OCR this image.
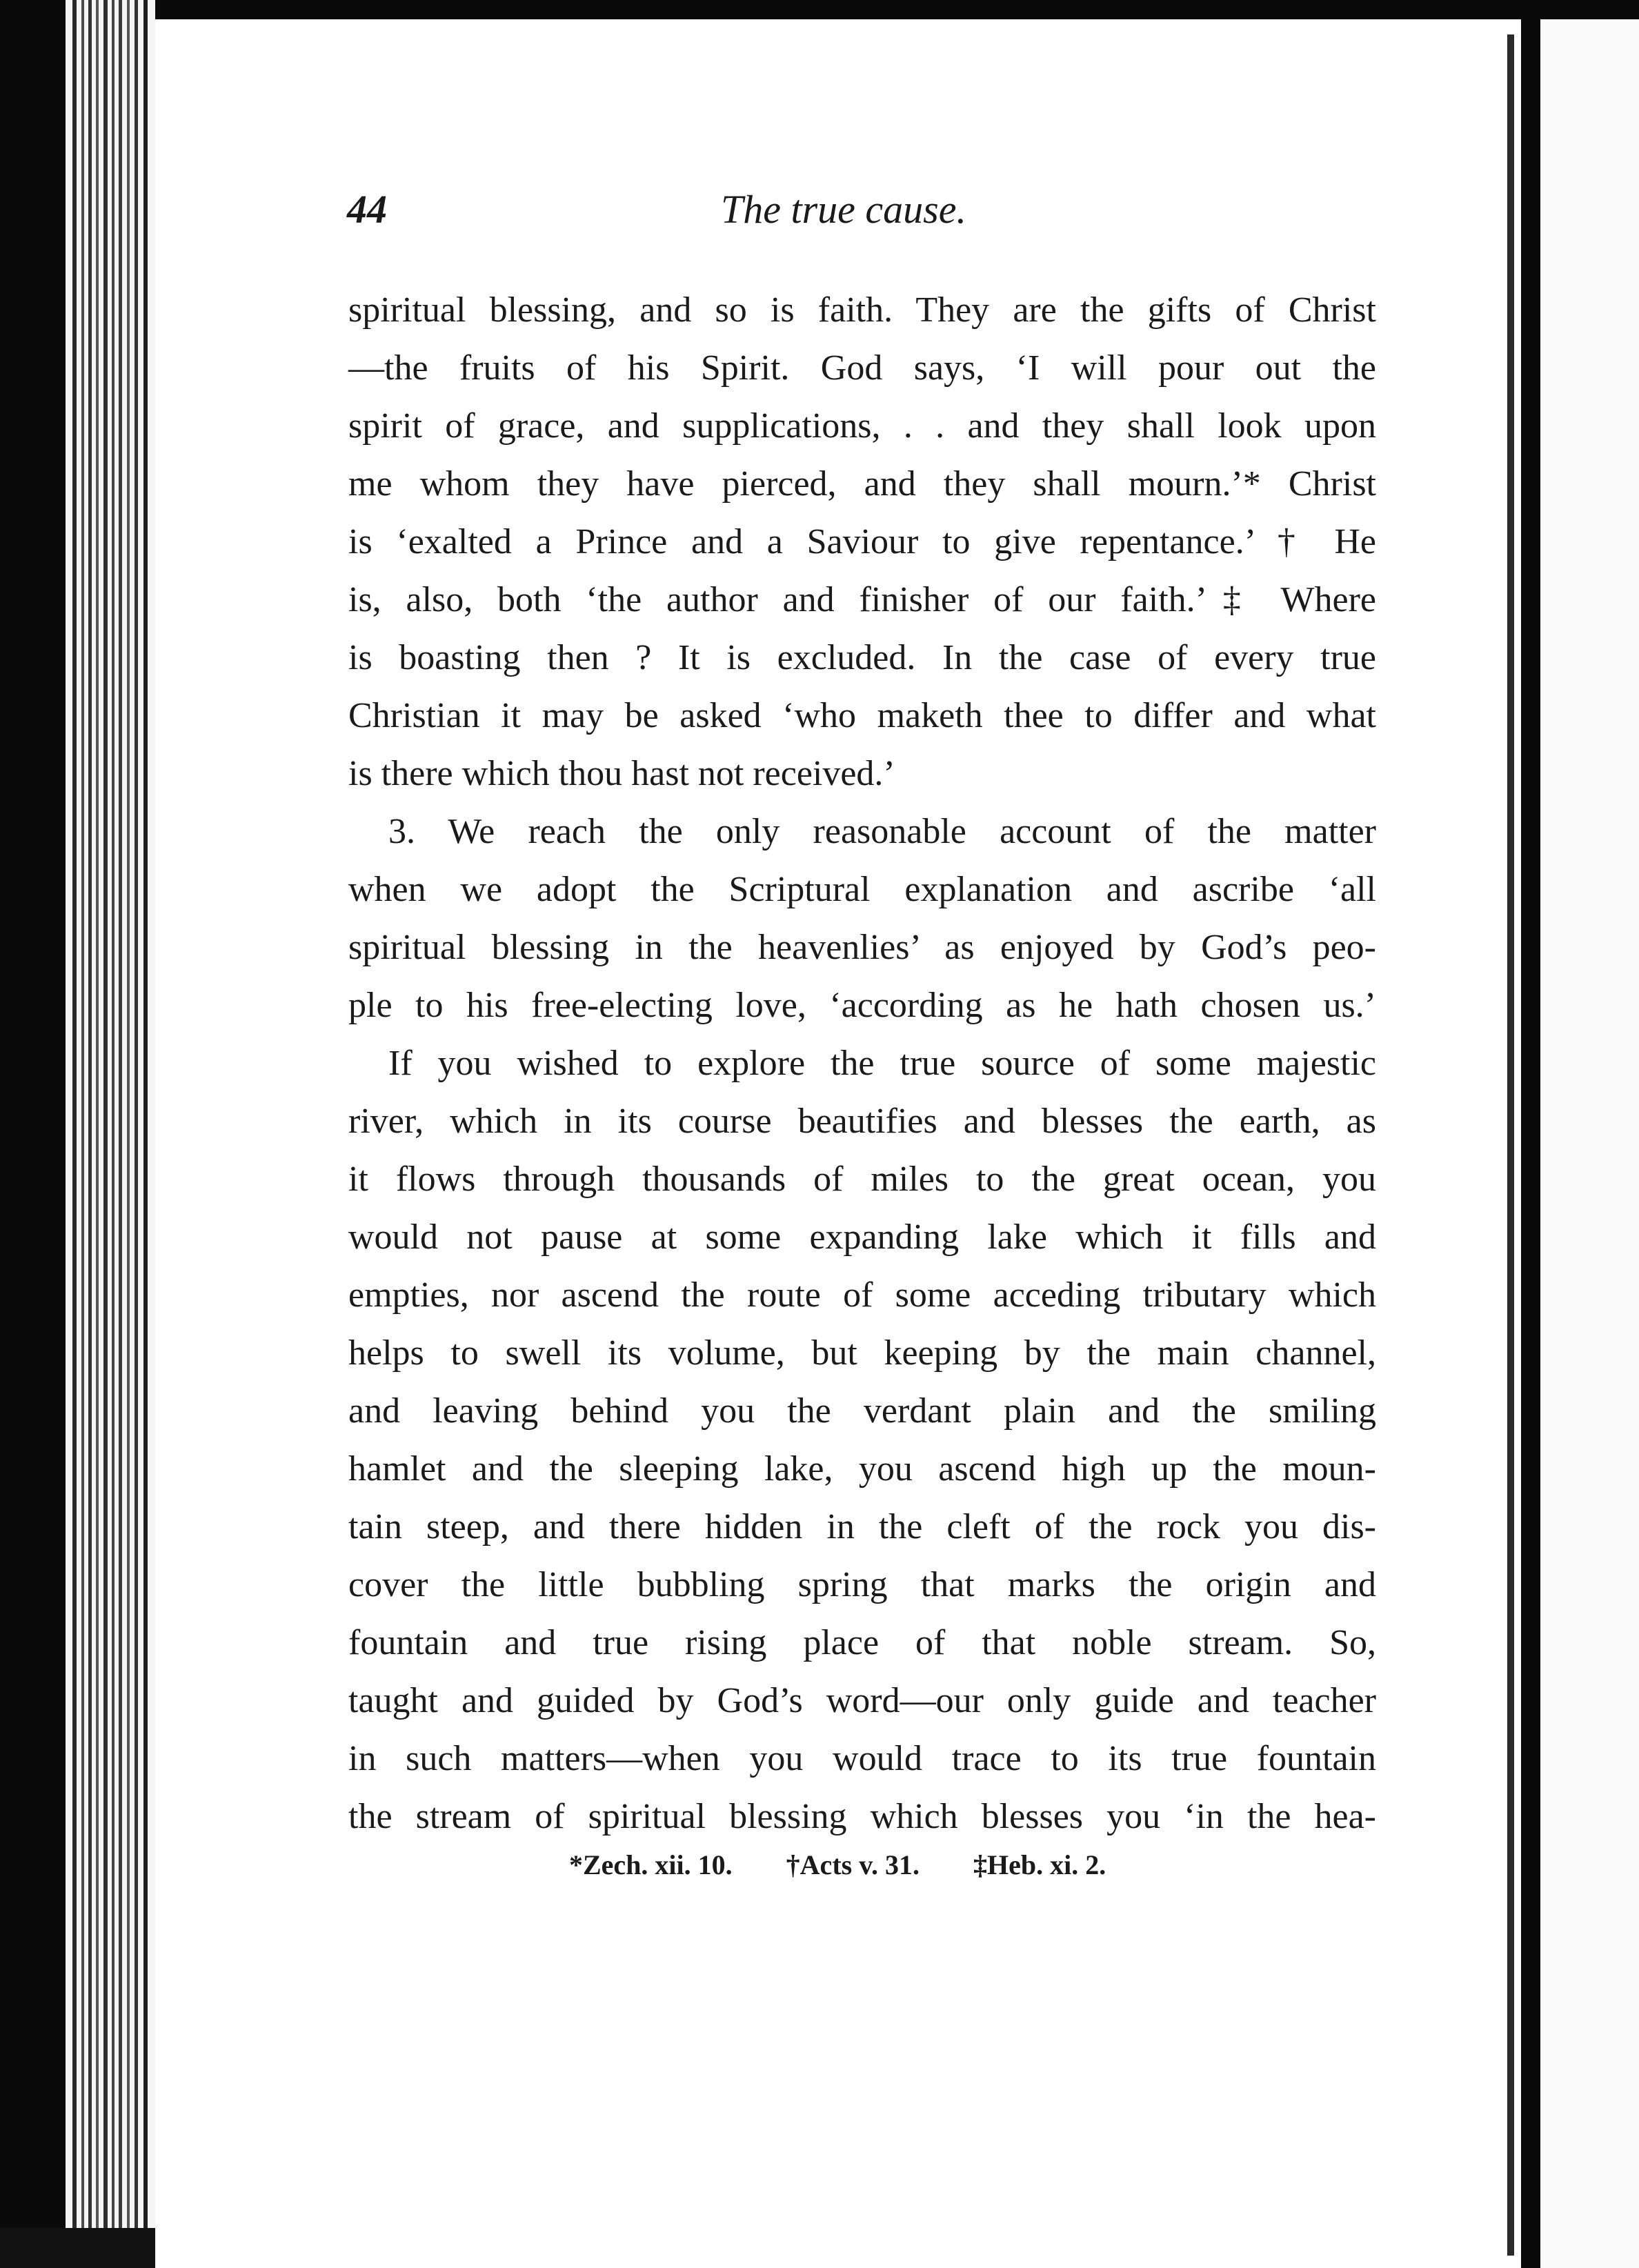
44	The true cause.
spiritual blessing, and so is faith. They are the gifts of Christ
—the fruits of his Spirit. God says, ‘I will pour out the
spirit of grace, and supplications, . . and they shall look upon
me whom they have pierced, and they shall mourn.’* Christ
is ‘exalted a Prince and a Saviour to give repentance.’ † He
is, also, both ‘the author and finisher of our faith.’‡ Where
is boasting then ? It is excluded. In the case of every true
Christian it may be asked ‘who maketh thee to differ and what
is there which thou hast not received.’
3. We reach the only reasonable account of the matter
when we adopt the Scriptural explanation and ascribe ‘all
spiritual blessing in the heavenlies’ as enjoyed by God’s peo-
ple to his free-electing love, ‘according as he hath chosen us.’
If you wished to explore the true source of some majestic
river, which in its course beautifies and blesses the earth, as
it flows through thousands of miles to the great ocean, you
would not pause at some expanding lake which it fills and
empties, nor ascend the route of some acceding tributary which
helps to swell its volume, but keeping by the main channel,
and leaving behind you the verdant plain and the smiling
hamlet and the sleeping lake, you ascend high up the moun-
tain steep, and there hidden in the cleft of the rock you dis-
cover the little bubbling spring that marks the origin and
fountain and true rising place of that noble stream. So,
taught and guided by God’s word—our only guide and teacher
in such matters—when you would trace to its true fountain
the stream of spiritual blessing which blesses you ‘in the hea-
*Zech. xii. 10. †Acts v. 31. ‡Heb. xi. 2.
